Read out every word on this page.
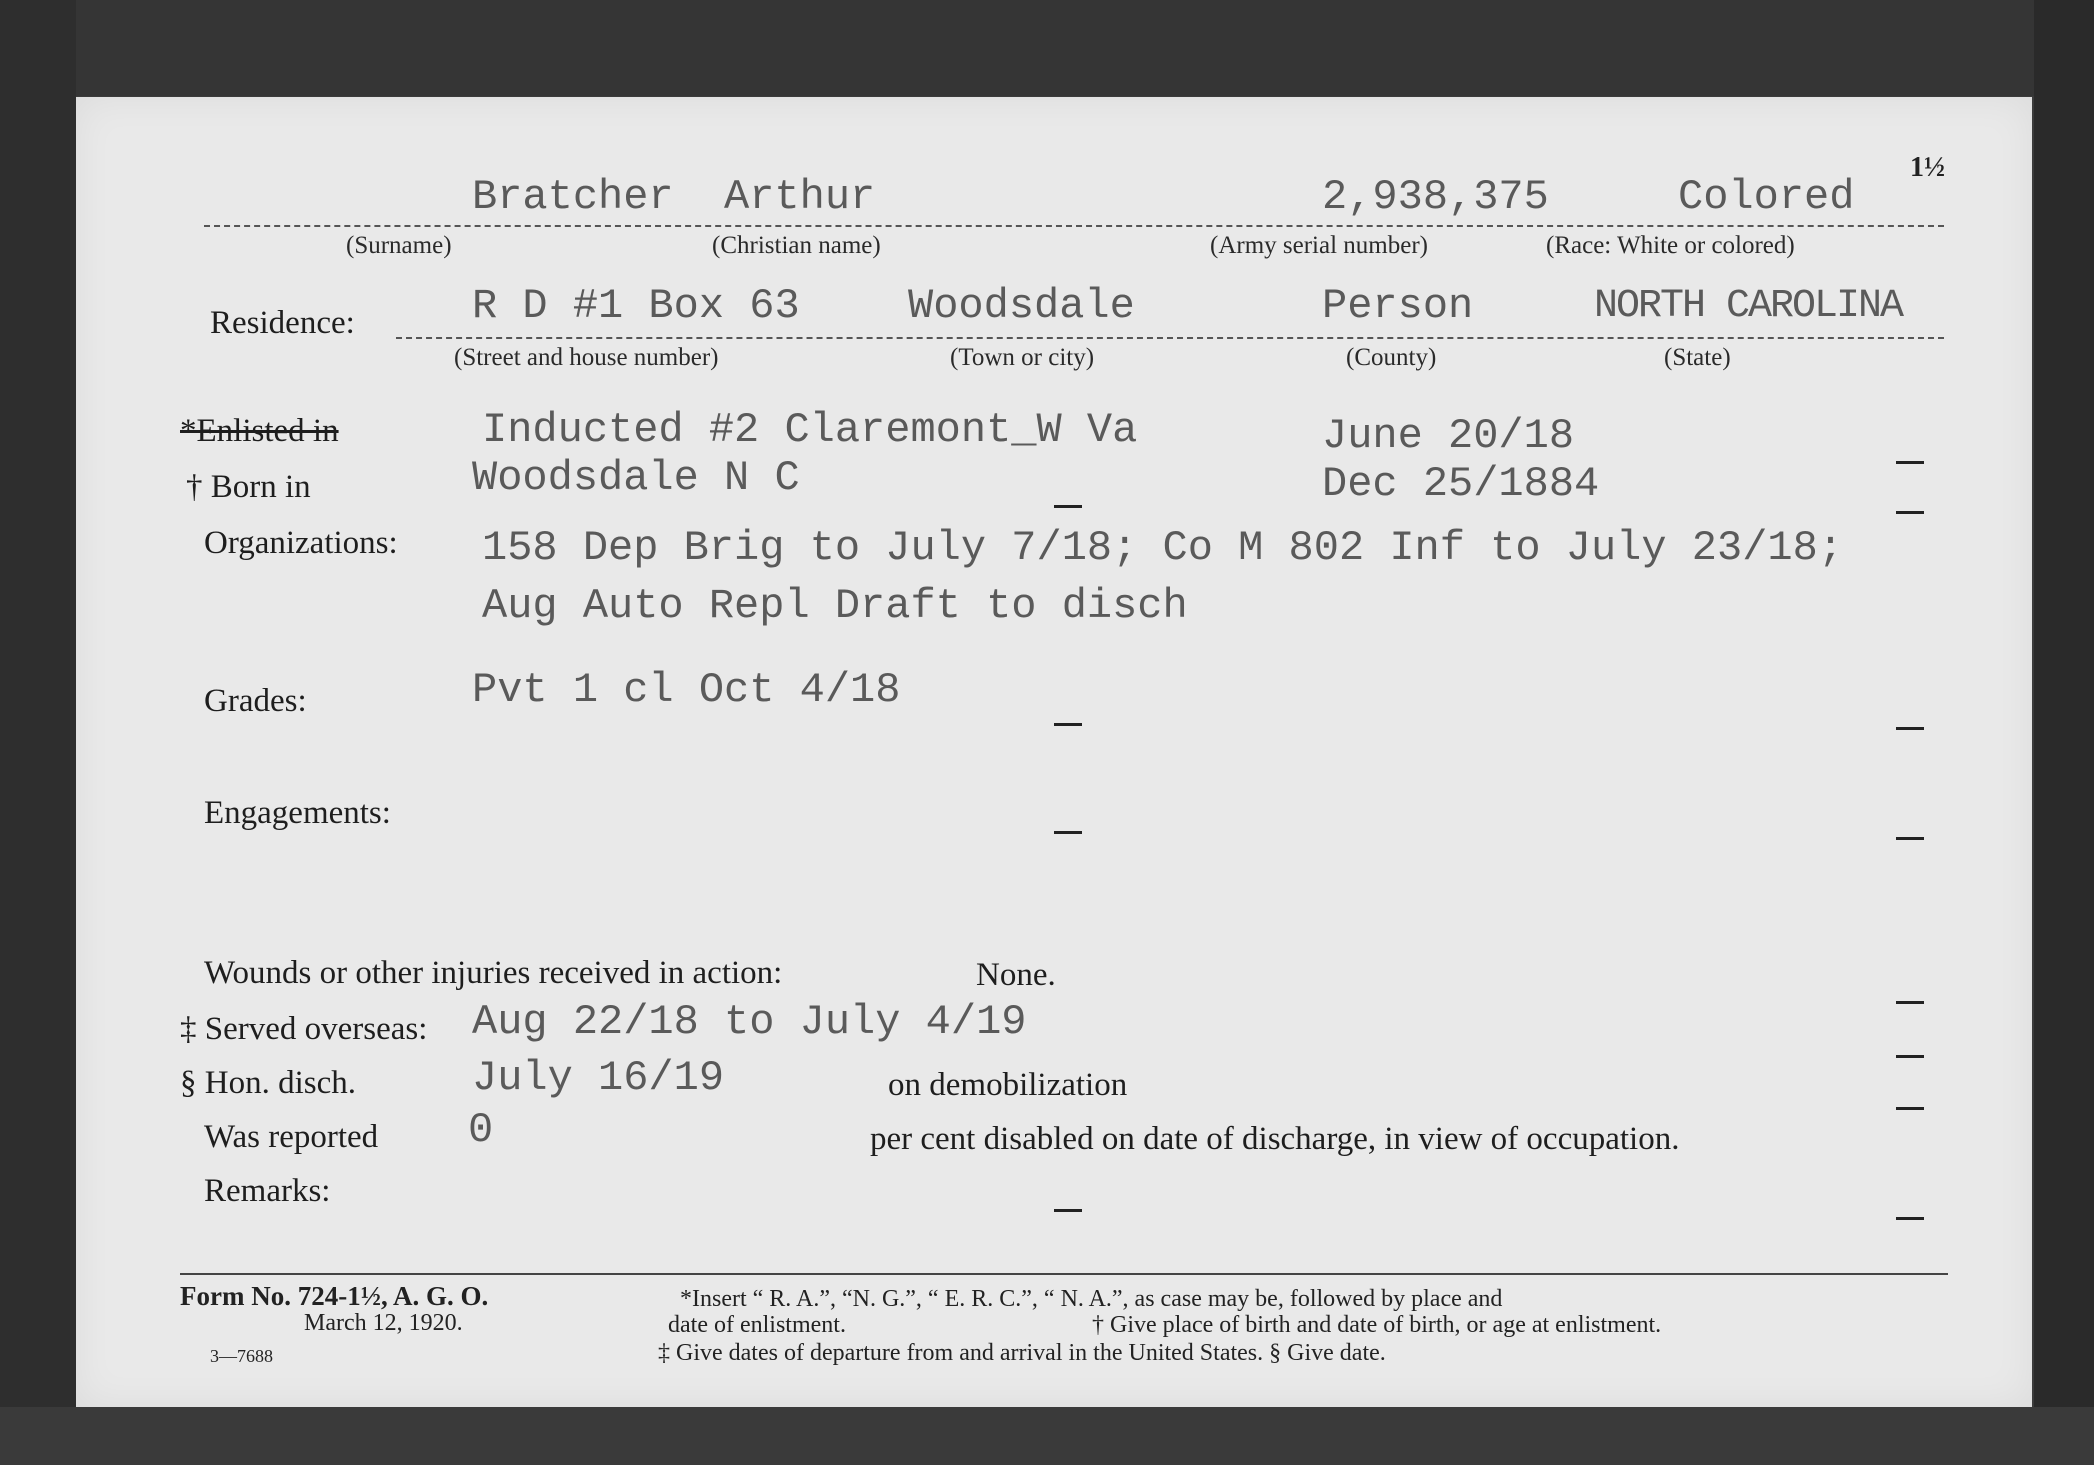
Bratcher Arthur	2,938,375	Colored
1½
(Surname)	(Christian name)	(Army serial number)	(Race: White or colored)
Residence:	R D #1 Box 63	Woodsdale	Person	NORTH CAROLINA
(Street and house number)	(Town or city)	(County)	(State)
*Enlisted in	Inducted #2 Claremont_W Va	June 20/18
† Born in	Woodsdale N C	Dec 25/1884
Organizations: 158 Dep Brig to July 7/18; Co M 802 Inf to July 23/18;
Aug Auto Repl Draft to disch
Grades:	Pvt 1 cl Oct 4/18
Engagements:
Wounds or other injuries received in action:	None.
‡ Served overseas: Aug 22/18 to July 4/19
§ Hon. disch.	July 16/19	on demobilization
Was reported 0	per cent disabled on date of discharge, in view of occupation.
Remarks:
Form No. 724-1½, A. G. O.
March 12, 1920.
3—7688
*Insert “ R. A.”, “N. G.”, “ E. R. C.”, “ N. A.”, as case may be, followed by place and
date of enlistment.	† Give place of birth and date of birth, or age at enlistment.
‡ Give dates of departure from and arrival in the United States. § Give date.
